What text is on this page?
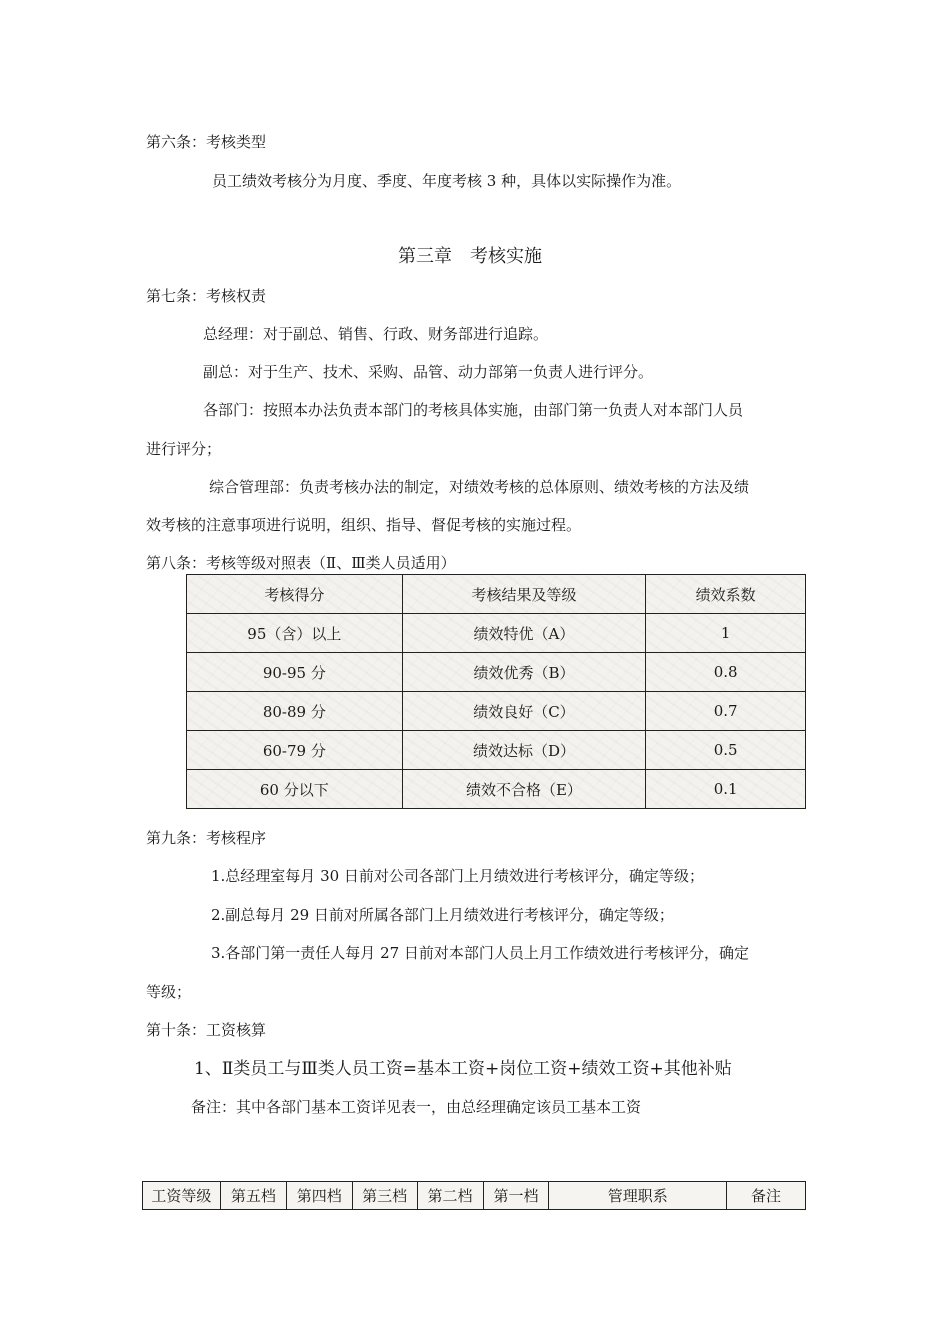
第六条：考核类型
员工绩效考核分为月度、季度、年度考核 3 种，具体以实际操作为准。
第三章　考核实施
第七条：考核权责
总经理：对于副总、销售、行政、财务部进行追踪。
副总：对于生产、技术、采购、品管、动力部第一负责人进行评分。
各部门：按照本办法负责本部门的考核具体实施，由部门第一负责人对本部门人员
进行评分；
综合管理部：负责考核办法的制定，对绩效考核的总体原则、绩效考核的方法及绩
效考核的注意事项进行说明，组织、指导、督促考核的实施过程。
第八条：考核等级对照表（Ⅱ、Ⅲ类人员适用）
考核得分	考核结果及等级	绩效系数
95（含）以上	绩效特优（A）	1
90-95 分	绩效优秀（B）	0.8
80-89 分	绩效良好（C）	0.7
60-79 分	绩效达标（D）	0.5
60 分以下	绩效不合格（E）	0.1
第九条：考核程序
1.总经理室每月 30 日前对公司各部门上月绩效进行考核评分，确定等级；
2.副总每月 29 日前对所属各部门上月绩效进行考核评分，确定等级；
3.各部门第一责任人每月 27 日前对本部门人员上月工作绩效进行考核评分，确定
等级；
第十条：工资核算
1、Ⅱ类员工与Ⅲ类人员工资=基本工资+岗位工资+绩效工资+其他补贴
备注：其中各部门基本工资详见表一，由总经理确定该员工基本工资
工资等级	第五档	第四档	第三档	第二档	第一档	管理职系	备注
